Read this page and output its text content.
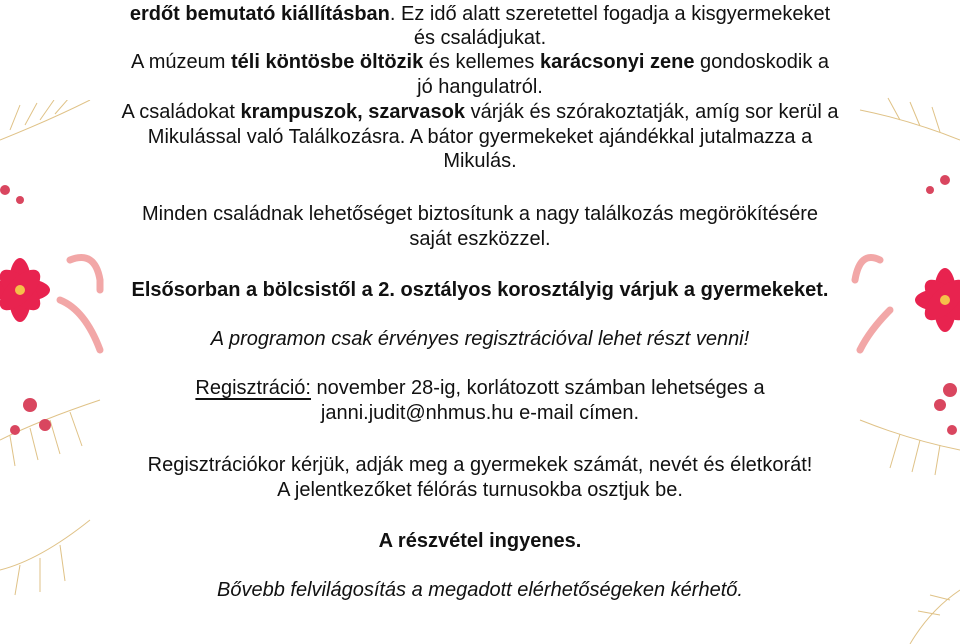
erdőt bemutató kiállításban. Ez idő alatt szeretettel fogadja a kisgyermekeket
és családjukat.
A múzeum téli köntösbe öltözik és kellemes karácsonyi zene gondoskodik a
jó hangulatról.
A családokat krampuszok, szarvasok várják és szórakoztatják, amíg sor kerül a
Mikulással való Találkozásra. A bátor gyermekeket ajándékkal jutalmazza a
Mikulás.
Minden családnak lehetőséget biztosítunk a nagy találkozás megörökítésére
saját eszközzel.
Elsősorban a bölcsistől a 2. osztályos korosztályig várjuk a gyermekeket.
A programon csak érvényes regisztrációval lehet részt venni!
Regisztráció: november 28-ig, korlátozott számban lehetséges a
janni.judit@nhmus.hu e-mail címen.
Regisztrációkor kérjük, adják meg a gyermekek számát, nevét és életkorát!
A jelentkezőket félórás turnusokba osztjuk be.
A részvétel ingyenes.
Bővebb felvilágosítás a megadott elérhetőségeken kérhető.
